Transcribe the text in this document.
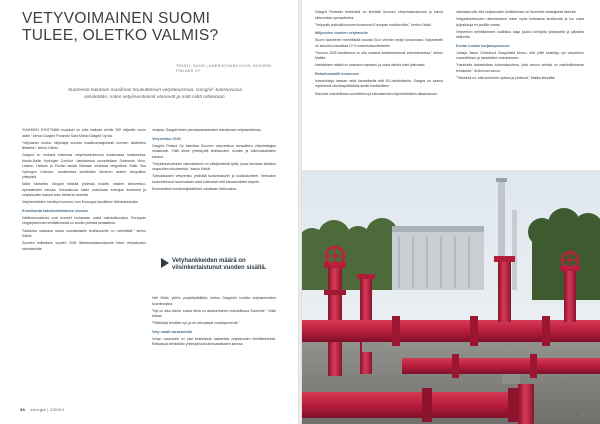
VETYVOIMAINEN SUOMI TULEE, OLETKO VALMIS?
TEKSTI: SAARI | AMERIKOVARA KUVA: GASGRID FINLAND OY
Suomesta halutaan maailman houkuttelevin vetytalousmaa. Gasgrid -tulosluvussa selvitetään, miten vetyinvestoinnit etenevät ja mitä niiltä odotetaan.

“KAIKKIEN SYNTYMÄN kuuluisin on tulla hallusta vireille 260 miljardin euron alalle,” kertoo Gasgrid Finlandin Sara Kärkki Gasgrid Oy:sta.

”Vetyhanke kuuluu miljardeja eurosta maailmanlaajuisesti suomen aloitteleva liikkeelle,” kertoo Kärkki.

Gasgrid on mukana kolmessa vetyinfrastruktuuria koskevassa hankkeessa: Nordic-Baltic Hydrogen Corridor -hankkeessa suunnitellaan Suomesta Viron, Latvian, Liettuan ja Puolan kautta Saksaan ulottuvaa vetyputkea. Baltic Sea Hydrogen Collector -hankkeessa selvitetään Itämeren alueen vetyputken yhteyksiä.

Näitä hankkeita Gasgrid edistää yhdessä muiden maiden siirtoverkko-operaattorien kanssa. Kokonaisuus tukee uusiutuvan energian tuotantoa ja vetytalouden kasvua koko Itämeren alueella.

Vetyhankkeiden merkitys korostuu, kun Eurooppa tavoittelee hiilineutraaliutta.

Kolmikanta kaksitoimintainen sivutus

Hallitusmuutokset ovat tuoneet mukanaan uusia mahdollisuuksia. Euroopan vetyjärjestelmän kehittämisestä on sovittu yhteisiä periaatteita.

”Maidosta vastaava osuus suomalaiselle teollisuudelle on merkittävä,” kertoo Kärkki.

Suomen hallituksen vuoden 2035 hiilineutraalisuustavoite tukee vetytalouden rakentamista.

vedysta. Gasgrid tekee perustavanlaatuisen toteutuksen vetyhankkeissa.

Vetyverkko 2030

Gasgrid Finland Oy toteuttaa Suomen vetyverkkoa kansallisen vetystrategian mukaisesti. Yhtiö tekee yhteistyötä teollisuuden, kuntien ja tutkimuslaitosten kanssa.

”Vetyinfrastruktuurin rakentaminen on pitkäjänteistä työtä, jossa tarvitaan kaikkien osapuolten sitoutumista,” sanoo Kärkki.

Tulevaisuuden vetyverkko yhdistää tuotantoalueet ja kulutuskohteet. Verkoston suunnittelussa huomioidaan sekä kotimaiset että kansainväliset tarpeet.

Ensimmäiset investointipäätökset odotetaan lähivuosina.

Vetyhankkeiden määrä on viisinkertaistunut vuoden sisällä.

Heli Virkki, yhtiön projektipäällikkö, kertoo Gasgridin roolista vetyhankkeiden koordinoijana.

”Nyt on aika toimia, koska tämä on ainutkertainen mahdollisuus Suomelle,” Virkki toteaa.

”Päätöksiä tehdään nyt, ja ne vaikuttavat vuosikymmeniä.”

Vety vaatii varastointia

Vedyn varastointi on yksi keskeisistä haasteista vetytalouden kehittämisessä. Ratkaisuja selvitetään yhteistyössä tutkimuslaitosten kanssa.

38 energia | 2/2024

Gasgrid Finlandin tehtävänä on kehittää Suomen vetyinfrastruktuuria ja toimia siirtoverkko-operaattorina.

”Vetyputki yhdistää suomen tuotannon Euroopan markkinoihin,” kertoo Kärkki.

Miljoonien tonnien vetytavoite

Suomi tavoittelee merkittävää osuutta EU:n vihreän vedyn tuotannosta. Kapasiteetti on tarkoitus kasvattaa 10 % tuotantotavoitteeseen.

”Vuonna 2025 tavoitteena on olla mukana keskeisimmissä investoinneissa,” kertoo Mattila.

Hankkeiden määrä on kasvanut nopeasti, ja uusia ideoita tulee jatkuvasti.

Rahoitusmallit kunnossa

Investointeja tuetaan sekä kansallisella että EU-rahoituksella. Gasgrid on saanut myönteisiä rahoituspäätöksiä useille hankkeilleen.

Rahoitus mahdollistaa suunnittelun ja rakentamisen käynnistämisen aikataulussa.

vahvistaa sitä, että vetytalouden kehittäminen on Suomelle strategisesti tärkeää.

Vetyputkiverkoston rakentaminen tukee myös kotimaista teollisuutta ja luo uusia työpaikkoja eri puolille maata.

Vetyverkon kehittämiseen osallistuu laaja joukko toimijoita yksityiseltä ja julkiselta sektorilta.

Kovan luokan korjausprosessi

Johtaja Janne Gröhnlund Gasgridistä kertoo, että yhtiö keskittyy nyt vetyverkon suunnitteluun ja hankkeiden toteutukseen.

”Hankkeita tarkastellaan kokonaisuutena, jotta verkon kehitys on mahdollisimman tehokasta,” Gröhnlund sanoo.

”Tärkeintä on, että toimimme ajoissa ja yhdessä,” Mattila kiteyttää.
